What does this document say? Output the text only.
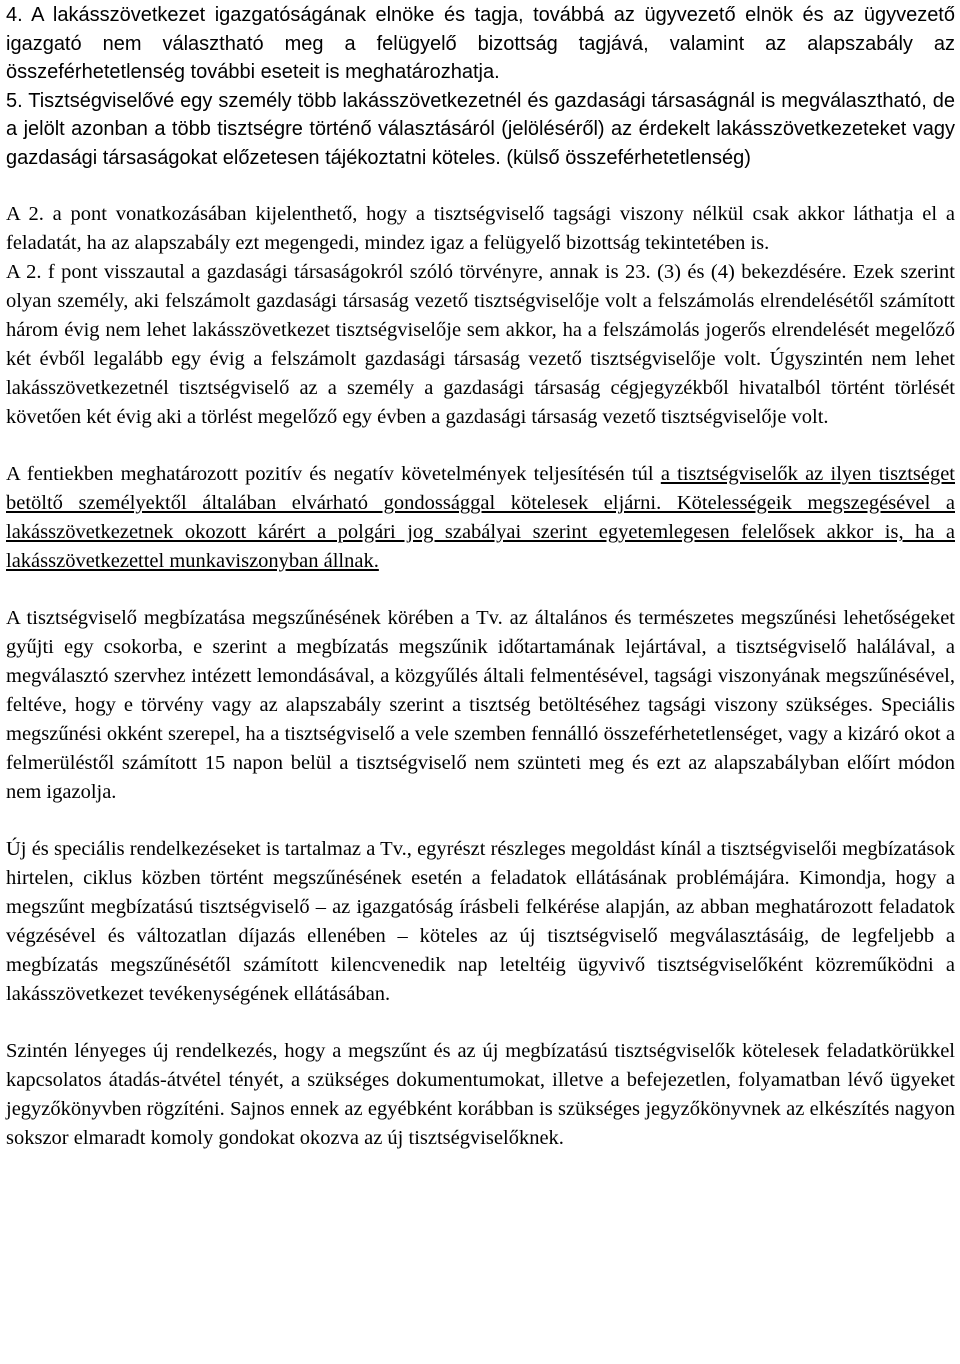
4. A lakásszövetkezet igazgatóságának elnöke és tagja, továbbá az ügyvezető elnök és az ügyvezető igazgató nem választható meg a felügyelő bizottság tagjává, valamint az alapszabály az összeférhetetlenség további eseteit is meghatározhatja.

5. Tisztségviselővé egy személy több lakásszövetkezetnél és gazdasági társaságnál is megválasztható, de a jelölt azonban a több tisztségre történő választásáról (jelöléséről) az érdekelt lakásszövetkezeteket vagy gazdasági társaságokat előzetesen tájékoztatni köteles. (külső összeférhetetlenség)

A 2. a pont vonatkozásában kijelenthető, hogy a tisztségviselő tagsági viszony nélkül csak akkor láthatja el a feladatát, ha az alapszabály ezt megengedi, mindez igaz a felügyelő bizottság tekintetében is.

A 2. f pont visszautal a gazdasági társaságokról szóló törvényre, annak is 23. (3) és (4) bekezdésére. Ezek szerint olyan személy, aki felszámolt gazdasági társaság vezető tisztségviselője volt a felszámolás elrendelésétől számított három évig nem lehet lakásszövetkezet tisztségviselője sem akkor, ha a felszámolás jogerős elrendelését megelőző két évből legalább egy évig a felszámolt gazdasági társaság vezető tisztségviselője volt. Úgyszintén nem lehet lakásszövetkezetnél tisztségviselő az a személy a gazdasági társaság cégjegyzékből hivatalból történt törlését követően két évig aki a törlést megelőző egy évben a gazdasági társaság vezető tisztségviselője volt.

A fentiekben meghatározott pozitív és negatív követelmények teljesítésén túl a tisztségviselők az ilyen tisztséget betöltő személyektől általában elvárható gondossággal kötelesek eljárni. Kötelességeik megszegésével a lakásszövetkezetnek okozott kárért a polgári jog szabályai szerint egyetemlegesen felelősek akkor is, ha a lakásszövetkezettel munkaviszonyban állnak.

A tisztségviselő megbízatása megszűnésének körében a Tv. az általános és természetes megszűnési lehetőségeket gyűjti egy csokorba, e szerint a megbízatás megszűnik időtartamának lejártával, a tisztségviselő halálával, a megválasztó szervhez intézett lemondásával, a közgyűlés általi felmentésével, tagsági viszonyának megszűnésével, feltéve, hogy e törvény vagy az alapszabály szerint a tisztség betöltéséhez tagsági viszony szükséges. Speciális megszűnési okként szerepel, ha a tisztségviselő a vele szemben fennálló összeférhetetlenséget, vagy a kizáró okot a felmerüléstől számított 15 napon belül a tisztségviselő nem szünteti meg és ezt az alapszabályban előírt módon nem igazolja.

Új és speciális rendelkezéseket is tartalmaz a Tv., egyrészt részleges megoldást kínál a tisztségviselői megbízatások hirtelen, ciklus közben történt megszűnésének esetén a feladatok ellátásának problémájára. Kimondja, hogy a megszűnt megbízatású tisztségviselő – az igazgatóság írásbeli felkérése alapján, az abban meghatározott feladatok végzésével és változatlan díjazás ellenében – köteles az új tisztségviselő megválasztásáig, de legfeljebb a megbízatás megszűnésétől számított kilencvenedik nap leteltéig ügyvivő tisztségviselőként közreműködni a lakásszövetkezet tevékenységének ellátásában.

Szintén lényeges új rendelkezés, hogy a megszűnt és az új megbízatású tisztségviselők kötelesek feladatkörükkel kapcsolatos átadás-átvétel tényét, a szükséges dokumentumokat, illetve a befejezetlen, folyamatban lévő ügyeket jegyzőkönyvben rögzíténi. Sajnos ennek az egyébként korábban is szükséges jegyzőkönyvnek az elkészítés nagyon sokszor elmaradt komoly gondokat okozva az új tisztségviselőknek.
